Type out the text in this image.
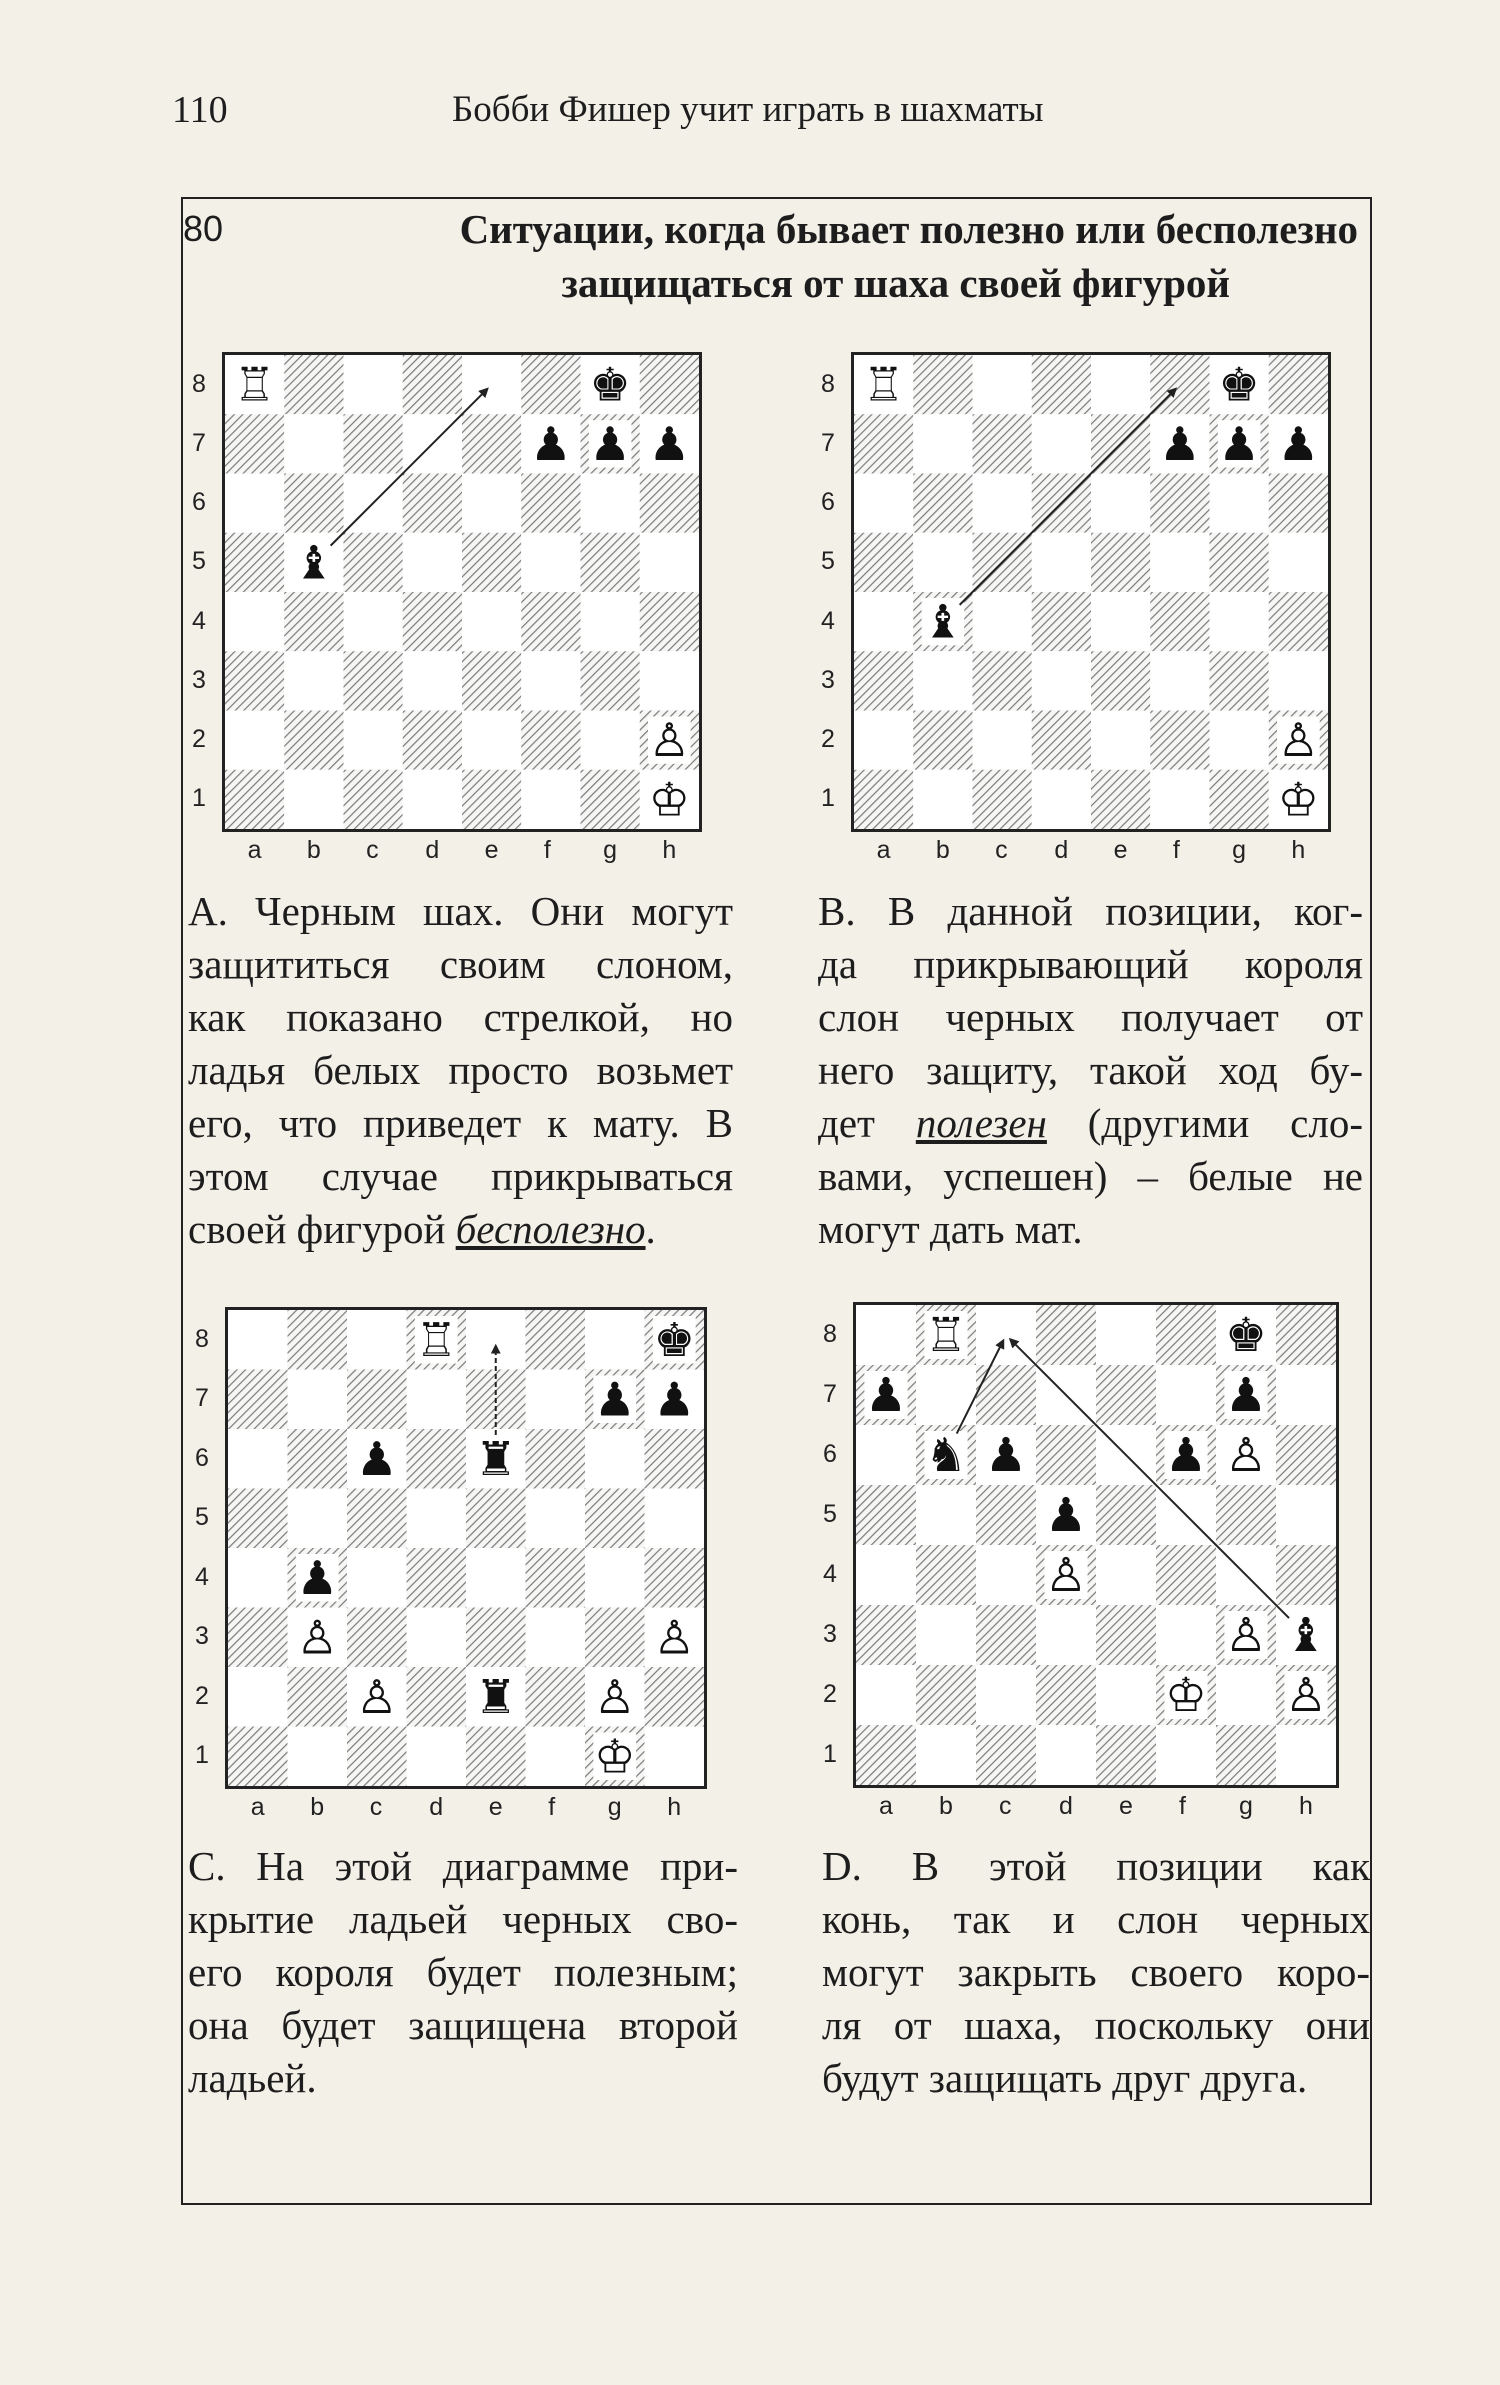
110	Бобби Фишер учит играть в шахматы
80	Ситуации, когда бывает полезно или бесполезно
защищаться от шаха своей фигурой
♖	♚
♟ ♟ ♟
♝
♙
♔
8
7
6
5
4
3
2
1
a b c d e f g h
А. Черным шах. Они могут
защититься своим слоном,
как показано стрелкой, но
ладья белых просто возьмет
его, что приведет к мату. В
этом случае прикрываться
своей фигурой бесполезно.
♖	♚
♟ ♟ ♟
♝
♙
♔
8
7
6
5
4
3
2
1
a b c d e f g h
B. В данной позиции, ког-
да прикрывающий короля
слон черных получает от
него защиту, такой ход бу-
дет полезен (другими сло-
вами, успешен) – белые не
могут дать мат.
♖	♚
♟ ♟
♟ ♜
♟
♙	♙
♙ ♜ ♙
♔
8
7
6
5
4
3
2
1
a b c d e f g h
С. На этой диаграмме при-
крытие ладьей черных сво-
его короля будет полезным;
она будет защищена второй
ладьей.
♖	♚
♟	♟
♞ ♟	♟ ♙
♟
♙
♙ ♝
♔ ♙
8
7
6
5
4
3
2
1
a b c d e f g h
D. В этой позиции как
конь, так и слон черных
могут закрыть своего коро-
ля от шаха, поскольку они
будут защищать друг друга.
